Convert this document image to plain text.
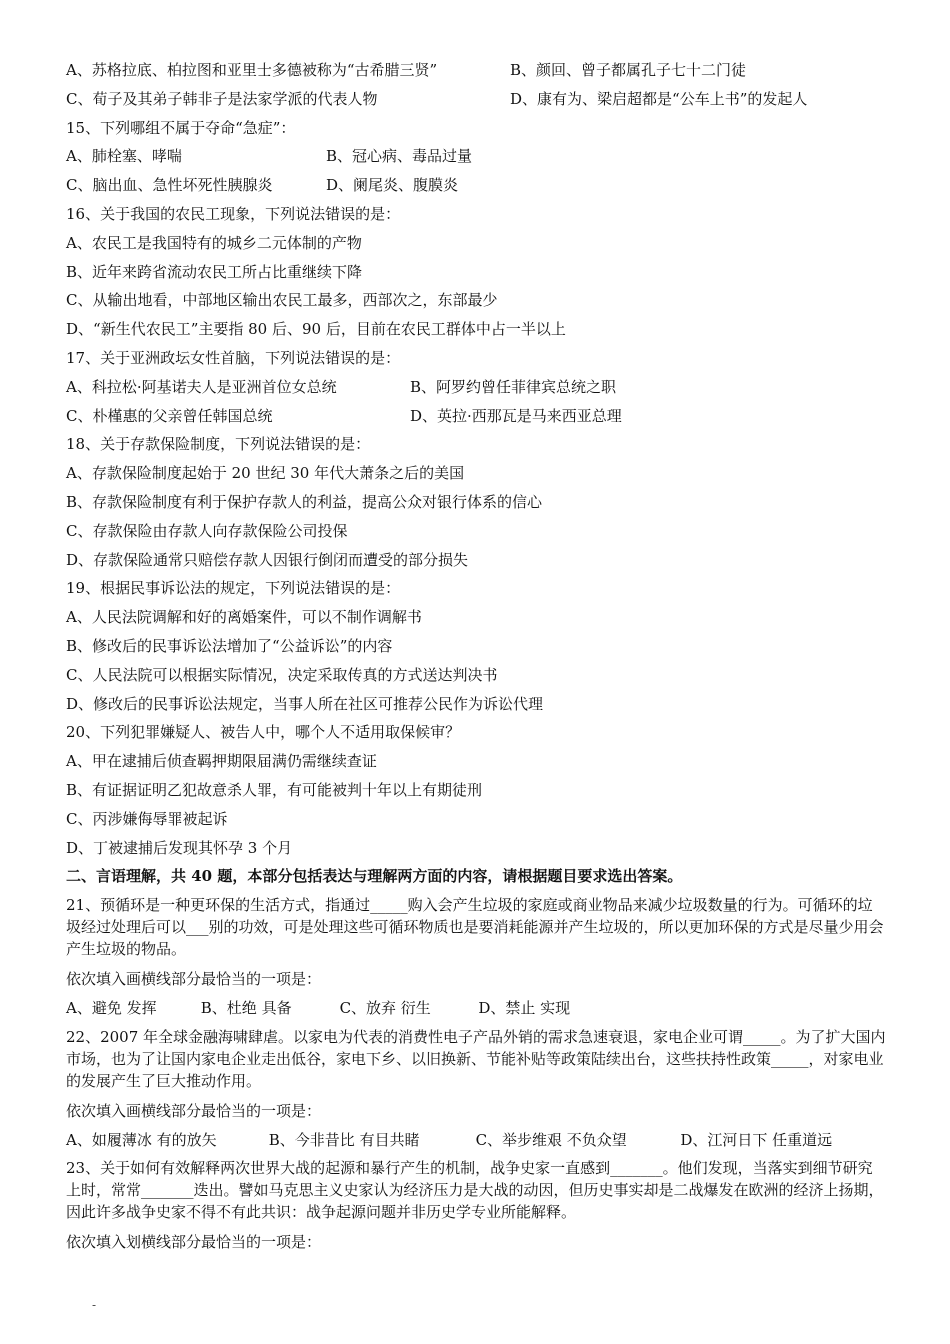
A、苏格拉底、柏拉图和亚里士多德被称为“古希腊三贤”	B、颜回、曾子都属孔子七十二门徒
C、荀子及其弟子韩非子是法家学派的代表人物	D、康有为、梁启超都是“公车上书”的发起人
15、下列哪组不属于夺命“急症”：
A、肺栓塞、哮喘	B、冠心病、毒品过量
C、脑出血、急性坏死性胰腺炎	D、阑尾炎、腹膜炎
16、关于我国的农民工现象，下列说法错误的是：
A、农民工是我国特有的城乡二元体制的产物
B、近年来跨省流动农民工所占比重继续下降
C、从输出地看，中部地区输出农民工最多，西部次之，东部最少
D、“新生代农民工”主要指 80 后、90 后，目前在农民工群体中占一半以上
17、关于亚洲政坛女性首脑，下列说法错误的是：
A、科拉松·阿基诺夫人是亚洲首位女总统	B、阿罗约曾任菲律宾总统之职
C、朴槿惠的父亲曾任韩国总统	D、英拉·西那瓦是马来西亚总理
18、关于存款保险制度，下列说法错误的是：
A、存款保险制度起始于 20 世纪 30 年代大萧条之后的美国
B、存款保险制度有利于保护存款人的利益，提高公众对银行体系的信心
C、存款保险由存款人向存款保险公司投保
D、存款保险通常只赔偿存款人因银行倒闭而遭受的部分损失
19、根据民事诉讼法的规定，下列说法错误的是：
A、人民法院调解和好的离婚案件，可以不制作调解书
B、修改后的民事诉讼法增加了“公益诉讼”的内容
C、人民法院可以根据实际情况，决定采取传真的方式送达判决书
D、修改后的民事诉讼法规定，当事人所在社区可推荐公民作为诉讼代理
20、下列犯罪嫌疑人、被告人中，哪个人不适用取保候审？
A、甲在逮捕后侦查羁押期限届满仍需继续查证
B、有证据证明乙犯故意杀人罪，有可能被判十年以上有期徒刑
C、丙涉嫌侮辱罪被起诉
D、丁被逮捕后发现其怀孕 3 个月
二、言语理解，共 40 题，本部分包括表达与理解两方面的内容，请根据题目要求选出答案。
21、预循环是一种更环保的生活方式，指通过_____购入会产生垃圾的家庭或商业物品来减少垃圾数量的行为。可循环的垃圾经过处理后可以___别的功效，可是处理这些可循环物质也是要消耗能源并产生垃圾的，所以更加环保的方式是尽量少用会产生垃圾的物品。
依次填入画横线部分最恰当的一项是：
A、避免 发挥	B、杜绝 具备	C、放弃 衍生	D、禁止 实现
22、2007 年全球金融海啸肆虐。以家电为代表的消费性电子产品外销的需求急速衰退，家电企业可谓_____。为了扩大国内市场，也为了让国内家电企业走出低谷，家电下乡、以旧换新、节能补贴等政策陆续出台，这些扶持性政策_____，对家电业的发展产生了巨大推动作用。
依次填入画横线部分最恰当的一项是：
A、如履薄冰 有的放矢	B、今非昔比 有目共睹	C、举步维艰 不负众望	D、江河日下 任重道远
23、关于如何有效解释两次世界大战的起源和暴行产生的机制，战争史家一直感到_______。他们发现，当落实到细节研究上时，常常_______迭出。譬如马克思主义史家认为经济压力是大战的动因，但历史事实却是二战爆发在欧洲的经济上扬期，因此许多战争史家不得不有此共识：战争起源问题并非历史学专业所能解释。
依次填入划横线部分最恰当的一项是：
-
